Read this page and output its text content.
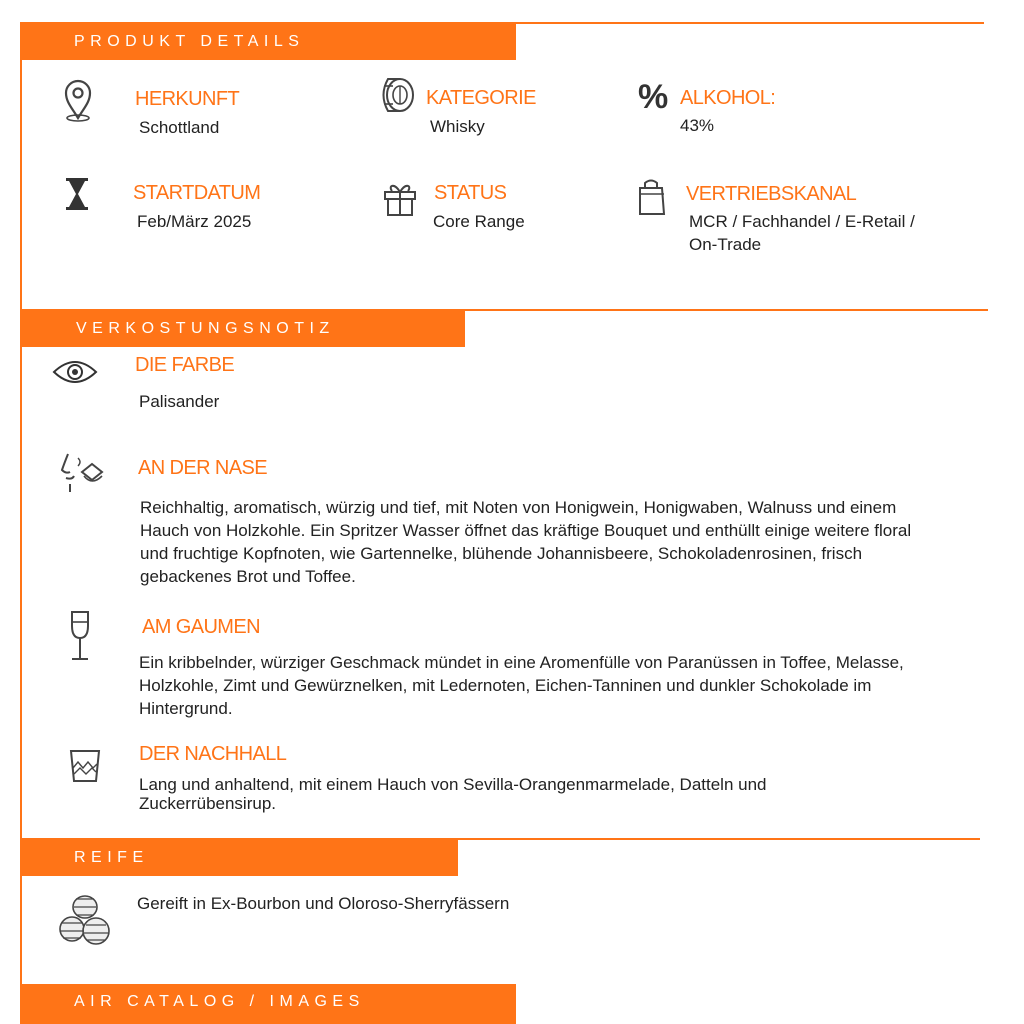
PRODUKT DETAILS
HERKUNFT
Schottland
KATEGORIE
Whisky
% ALKOHOL:
43%
STARTDATUM
Feb/März 2025
STATUS
Core Range
VERTRIEBSKANAL
MCR / Fachhandel / E-Retail /
On-Trade
VERKOSTUNGSNOTIZ
DIE FARBE
Palisander
AN DER NASE
Reichhaltig, aromatisch, würzig und tief, mit Noten von Honigwein, Honigwaben, Walnuss und einem
Hauch von Holzkohle. Ein Spritzer Wasser öffnet das kräftige Bouquet und enthüllt einige weitere floral
und fruchtige Kopfnoten, wie Gartennelke, blühende Johannisbeere, Schokoladenrosinen, frisch
gebackenes Brot und Toffee.
AM GAUMEN
Ein kribbelnder, würziger Geschmack mündet in eine Aromenfülle von Paranüssen in Toffee, Melasse,
Holzkohle, Zimt und Gewürznelken, mit Ledernoten, Eichen-Tanninen und dunkler Schokolade im
Hintergrund.
DER NACHHALL
Lang und anhaltend, mit einem Hauch von Sevilla-Orangenmarmelade, Datteln und
Zuckerrübensirup.
REIFE
Gereift in Ex-Bourbon und Oloroso-Sherryfässern
AIR CATALOG / IMAGES
